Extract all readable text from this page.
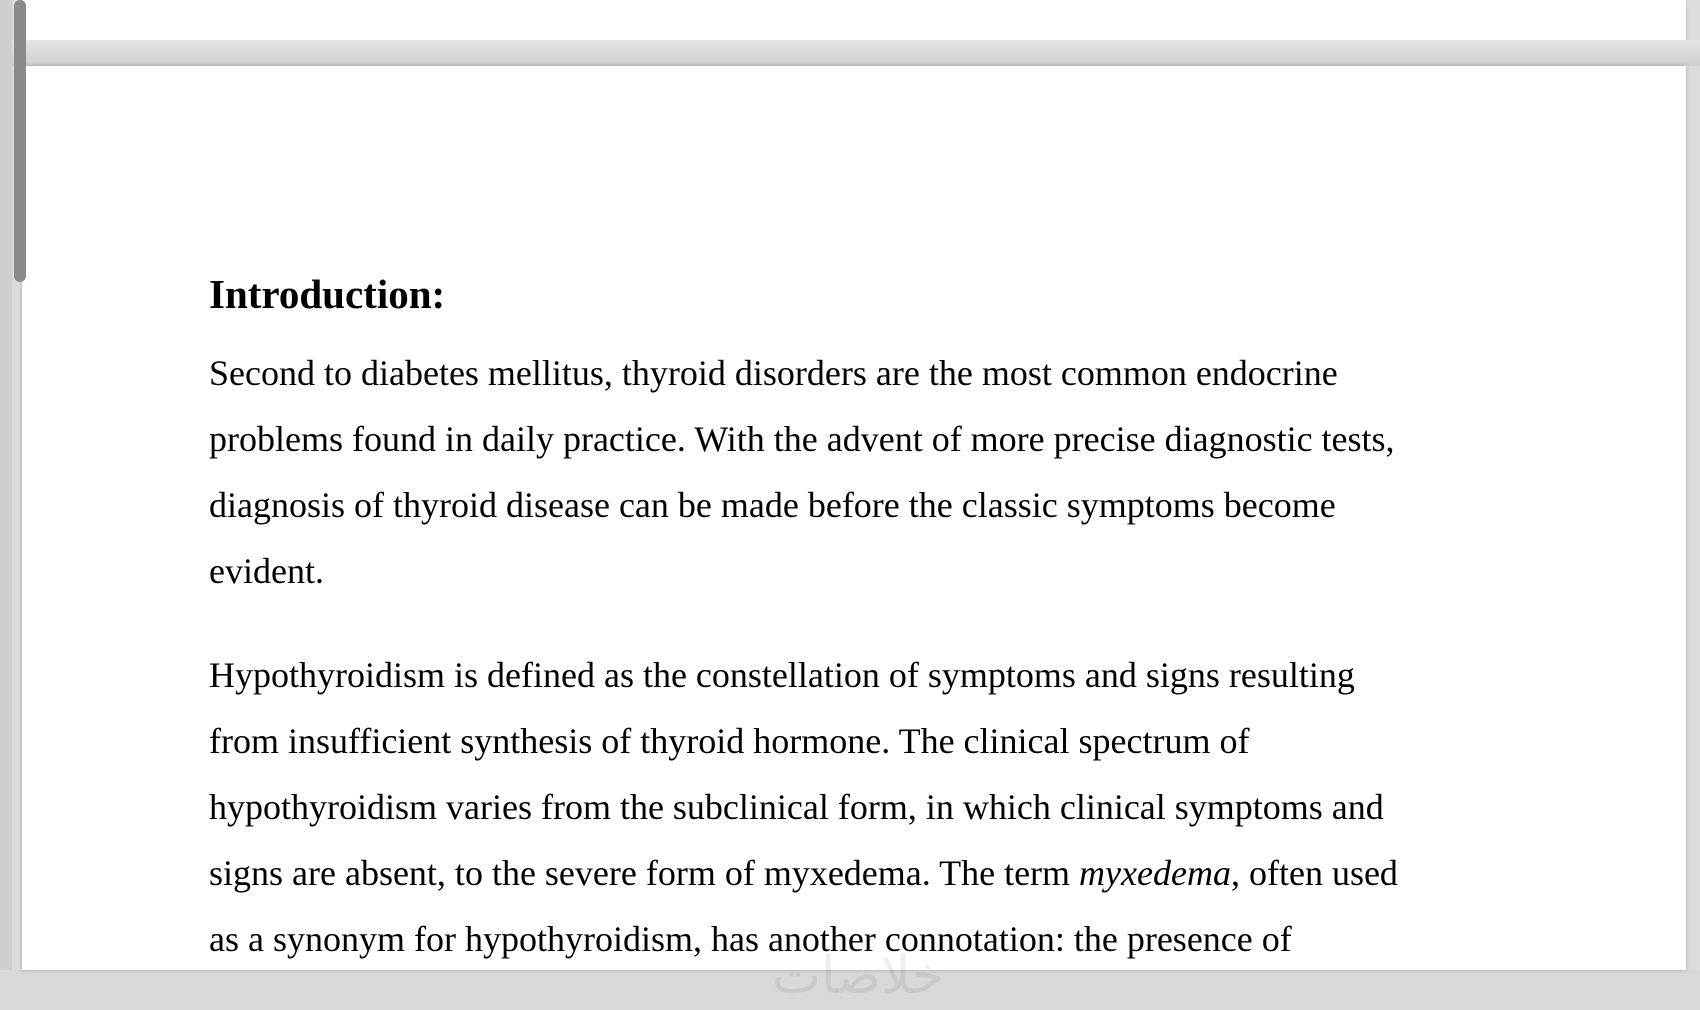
Introduction:

Second to diabetes mellitus, thyroid disorders are the most common endocrine
problems found in daily practice. With the advent of more precise diagnostic tests,
diagnosis of thyroid disease can be made before the classic symptoms become
evident.

Hypothyroidism is defined as the constellation of symptoms and signs resulting
from insufficient synthesis of thyroid hormone. The clinical spectrum of
hypothyroidism varies from the subclinical form, in which clinical symptoms and
signs are absent, to the severe form of myxedema. The term myxedema, often used
as a synonym for hypothyroidism, has another connotation: the presence of

خلاصات
